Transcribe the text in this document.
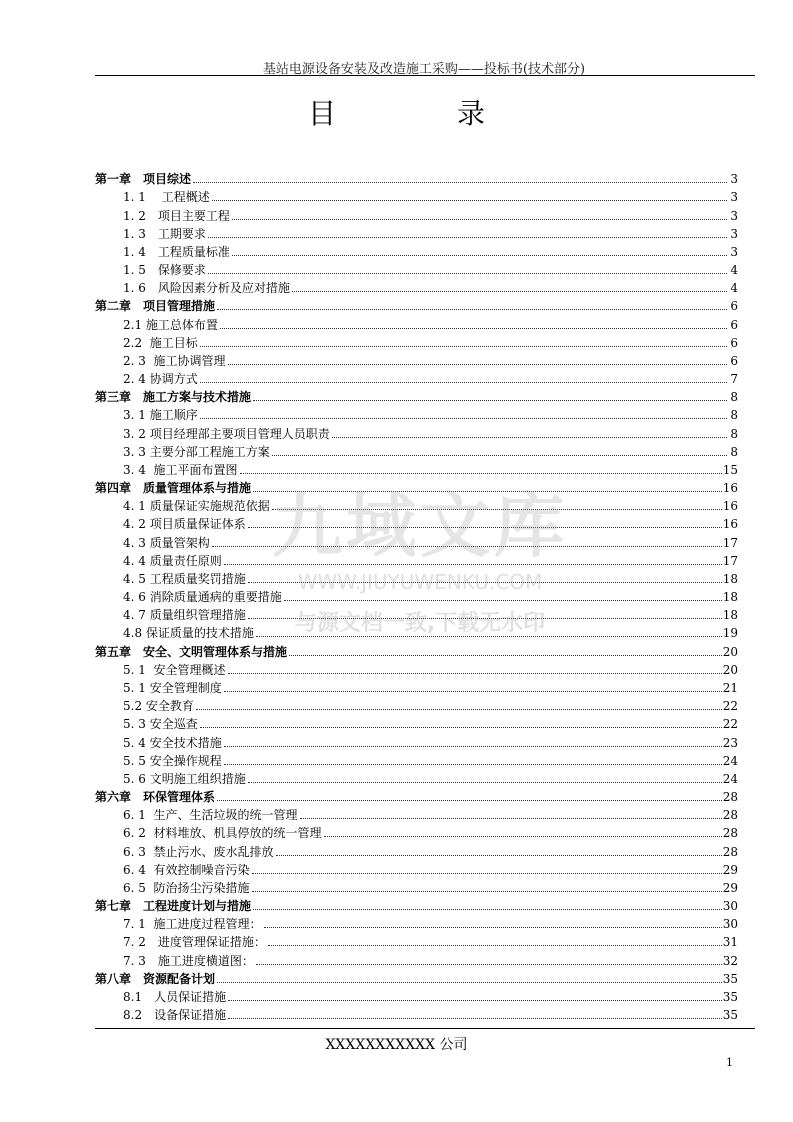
基站电源设备安装及改造施工采购——投标书(技术部分)
目 录
第一章　项目综述	3
1. 1　 工程概述	3
1. 2　项目主要工程	3
1. 3　工期要求	3
1. 4　工程质量标准	3
1. 5　保修要求	4
1. 6　风险因素分析及应对措施	4
第二章　项目管理措施	6
2.1 施工总体布置	6
2.2  施工目标	6
2. 3  施工协调管理	6
2. 4 协调方式	7
第三章　施工方案与技术措施	8
3. 1 施工顺序	8
3. 2 项目经理部主要项目管理人员职责	8
3. 3 主要分部工程施工方案	8
3. 4  施工平面布置图	15
第四章　质量管理体系与措施	16
4. 1 质量保证实施规范依据	16
4. 2 项目质量保证体系	16
4. 3 质量管架构	17
4. 4 质量责任原则	17
4. 5 工程质量奖罚措施	18
4. 6 消除质量通病的重要措施	18
4. 7 质量组织管理措施	18
4.8 保证质量的技术措施	19
第五章　安全、文明管理体系与措施	20
5. 1  安全管理概述	20
5. 1 安全管理制度	21
5.2 安全教育	22
5. 3 安全巡查	22
5. 4 安全技术措施	23
5. 5 安全操作规程	24
5. 6 文明施工组织措施	24
第六章　环保管理体系	28
6. 1  生产、生活垃圾的统一管理	28
6. 2  材料堆放、机具停放的统一管理	28
6. 3  禁止污水、废水乱排放	28
6. 4  有效控制噪音污染	29
6. 5  防治扬尘污染措施	29
第七章　工程进度计划与措施	30
7. 1  施工进度过程管理：	30
7. 2　进度管理保证措施：	31
7. 3　施工进度横道图：	32
第八章　资源配备计划	35
8.1　人员保证措施	35
8.2　设备保证措施	35
九域文库
WWW.JIUYUWENKU.COM
与源文档一致,下载无水印
XXXXXXXXXXX 公司
1
